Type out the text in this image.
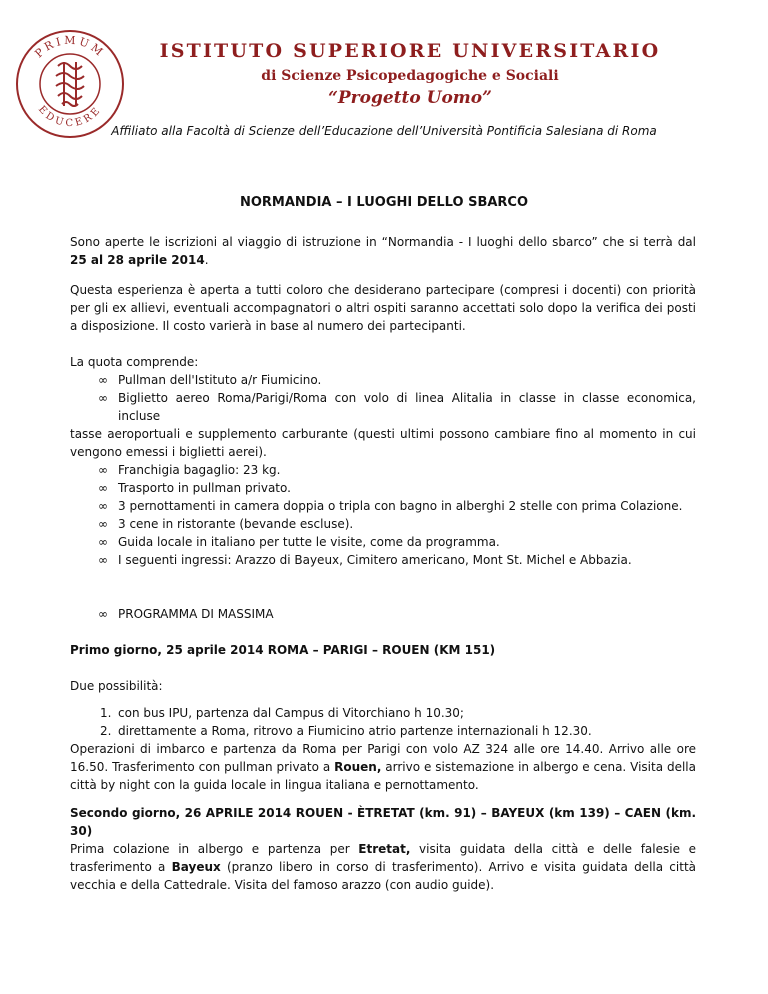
PRIMUM
EDUCERE
ISTITUTO SUPERIORE UNIVERSITARIO
di Scienze Psicopedagogiche e Sociali
“Progetto Uomo”
Affiliato alla Facoltà di Scienze dell’Educazione dell’Università Pontificia Salesiana di Roma
NORMANDIA – I LUOGHI DELLO SBARCO
Sono aperte le iscrizioni al viaggio di istruzione in “Normandia - I luoghi dello sbarco” che si terrà dal 25 al 28 aprile 2014.
Questa esperienza è aperta a tutti coloro che desiderano partecipare (compresi i docenti) con priorità per gli ex allievi, eventuali accompagnatori o altri ospiti saranno accettati solo dopo la verifica dei posti a disposizione. Il costo varierà in base al numero dei partecipanti.
La quota comprende:
∞ Pullman dell'Istituto a/r Fiumicino.
∞ Biglietto aereo Roma/Parigi/Roma con volo di linea Alitalia in classe in classe economica, incluse
tasse aeroportuali e supplemento carburante (questi ultimi possono cambiare fino al momento in cui vengono emessi i biglietti aerei).
∞ Franchigia bagaglio: 23 kg.
∞ Trasporto in pullman privato.
∞ 3 pernottamenti in camera doppia o tripla con bagno in alberghi 2 stelle con prima Colazione.
∞ 3 cene in ristorante (bevande escluse).
∞ Guida locale in italiano per tutte le visite, come da programma.
∞ I seguenti ingressi: Arazzo di Bayeux, Cimitero americano, Mont St. Michel e Abbazia.
∞ PROGRAMMA DI MASSIMA
Primo giorno, 25 aprile 2014 ROMA – PARIGI – ROUEN (KM 151)
Due possibilità:
1. con bus IPU, partenza dal Campus di Vitorchiano h 10.30;
2. direttamente a Roma, ritrovo a Fiumicino atrio partenze internazionali h 12.30.
Operazioni di imbarco e partenza da Roma per Parigi con volo AZ 324 alle ore 14.40. Arrivo alle ore 16.50. Trasferimento con pullman privato a Rouen, arrivo e sistemazione in albergo e cena. Visita della città by night con la guida locale in lingua italiana e pernottamento.
Secondo giorno, 26 APRILE 2014 ROUEN - ÈTRETAT (km. 91) – BAYEUX (km 139) – CAEN (km. 30)
Prima colazione in albergo e partenza per Etretat, visita guidata della città e delle falesie e trasferimento a Bayeux (pranzo libero in corso di trasferimento). Arrivo e visita guidata della città vecchia e della Cattedrale. Visita del famoso arazzo (con audio guide).
